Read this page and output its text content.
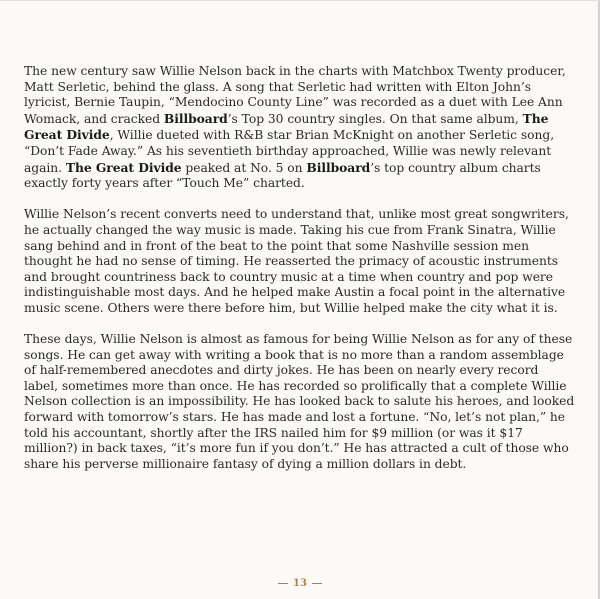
The new century saw Willie Nelson back in the charts with Matchbox Twenty producer, Matt Serletic, behind the glass. A song that Serletic had written with Elton John’s lyricist, Bernie Taupin, “Mendocino County Line” was recorded as a duet with Lee Ann Womack, and cracked Billboard’s Top 30 country singles. On that same album, The Great Divide, Willie dueted with R&B star Brian McKnight on another Serletic song, “Don’t Fade Away.” As his seventieth birthday approached, Willie was newly relevant again. The Great Divide peaked at No. 5 on Billboard’s top country album charts exactly forty years after “Touch Me” charted.

Willie Nelson’s recent converts need to understand that, unlike most great songwriters, he actually changed the way music is made. Taking his cue from Frank Sinatra, Willie sang behind and in front of the beat to the point that some Nashville session men thought he had no sense of timing. He reasserted the primacy of acoustic instruments and brought countriness back to country music at a time when country and pop were indistinguishable most days. And he helped make Austin a focal point in the alternative music scene. Others were there before him, but Willie helped make the city what it is.

These days, Willie Nelson is almost as famous for being Willie Nelson as for any of these songs. He can get away with writing a book that is no more than a random assemblage of half-remembered anecdotes and dirty jokes. He has been on nearly every record label, sometimes more than once. He has recorded so prolifically that a complete Willie Nelson collection is an impossibility. He has looked back to salute his heroes, and looked forward with tomorrow’s stars. He has made and lost a fortune. “No, let’s not plan,” he told his accountant, shortly after the IRS nailed him for $9 million (or was it $17 million?) in back taxes, “it’s more fun if you don’t.” He has attracted a cult of those who share his perverse millionaire fantasy of dying a million dollars in debt.

13
